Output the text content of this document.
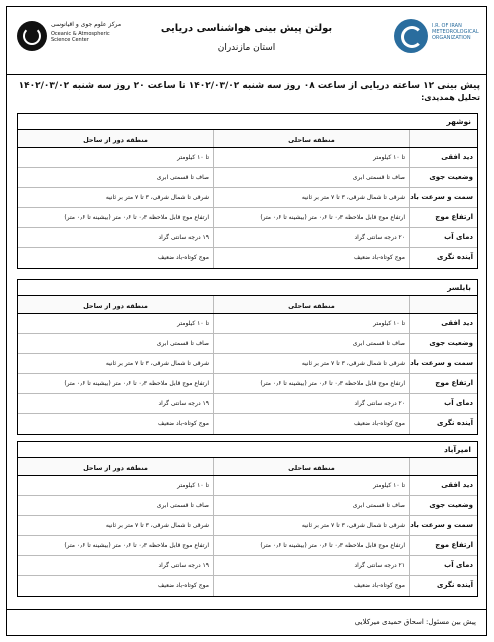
مرکز علوم جوی و اقیانوسی
Oceanic & Atmospheric
Science Center
بولتن پیش بینی هواشناسی دریایی
استان مازندران
I.R. OF IRAN
METEOROLOGICAL
ORGANIZATION
پیش بینی ۱۲ ساعته دریایی از ساعت ۰۸ روز سه شنبه ۱۴۰۲/۰۳/۰۲ تا ساعت ۲۰ روز سه شنبه ۱۴۰۲/۰۳/۰۲
تحلیل همدیدی:
نوشهر
منطقه ساحلی
منطقه دور از ساحل
دید افقی
تا ۱۰ کیلومتر
تا ۱۰ کیلومتر
وضعیت جوی
صاف تا قسمتی ابری
صاف تا قسمتی ابری
سمت و سرعت باد
شرقی تا شمال شرقی، ۳ تا ۷ متر بر ثانیه
شرقی تا شمال شرقی، ۳ تا ۷ متر بر ثانیه
ارتفاع موج
ارتفاع موج قابل ملاحظه ۰٫۳ تا ۰٫۶ متر (بیشینه تا ۰٫۶ متر)
ارتفاع موج قابل ملاحظه ۰٫۳ تا ۰٫۶ متر (بیشینه تا ۰٫۶ متر)
دمای آب
۲۰ درجه سانتی گراد
۱۹ درجه سانتی گراد
آینده نگری
موج کوتاه-باد ضعیف
موج کوتاه-باد ضعیف
بابلسر
منطقه ساحلی
منطقه دور از ساحل
دید افقی
تا ۱۰ کیلومتر
تا ۱۰ کیلومتر
وضعیت جوی
صاف تا قسمتی ابری
صاف تا قسمتی ابری
سمت و سرعت باد
شرقی تا شمال شرقی، ۳ تا ۷ متر بر ثانیه
شرقی تا شمال شرقی، ۳ تا ۷ متر بر ثانیه
ارتفاع موج
ارتفاع موج قابل ملاحظه ۰٫۳ تا ۰٫۶ متر (بیشینه تا ۰٫۶ متر)
ارتفاع موج قابل ملاحظه ۰٫۳ تا ۰٫۶ متر (بیشینه تا ۰٫۶ متر)
دمای آب
۲۰ درجه سانتی گراد
۱۹ درجه سانتی گراد
آینده نگری
موج کوتاه-باد ضعیف
موج کوتاه-باد ضعیف
امیرآباد
منطقه ساحلی
منطقه دور از ساحل
دید افقی
تا ۱۰ کیلومتر
تا ۱۰ کیلومتر
وضعیت جوی
صاف تا قسمتی ابری
صاف تا قسمتی ابری
سمت و سرعت باد
شرقی تا شمال شرقی، ۳ تا ۷ متر بر ثانیه
شرقی تا شمال شرقی، ۳ تا ۷ متر بر ثانیه
ارتفاع موج
ارتفاع موج قابل ملاحظه ۰٫۳ تا ۰٫۶ متر (بیشینه تا ۰٫۶ متر)
ارتفاع موج قابل ملاحظه ۰٫۳ تا ۰٫۶ متر (بیشینه تا ۰٫۶ متر)
دمای آب
۲۱ درجه سانتی گراد
۱۹ درجه سانتی گراد
آینده نگری
موج کوتاه-باد ضعیف
موج کوتاه-باد ضعیف
پیش بین مسئول: اسحاق حمیدی میرکلایی
